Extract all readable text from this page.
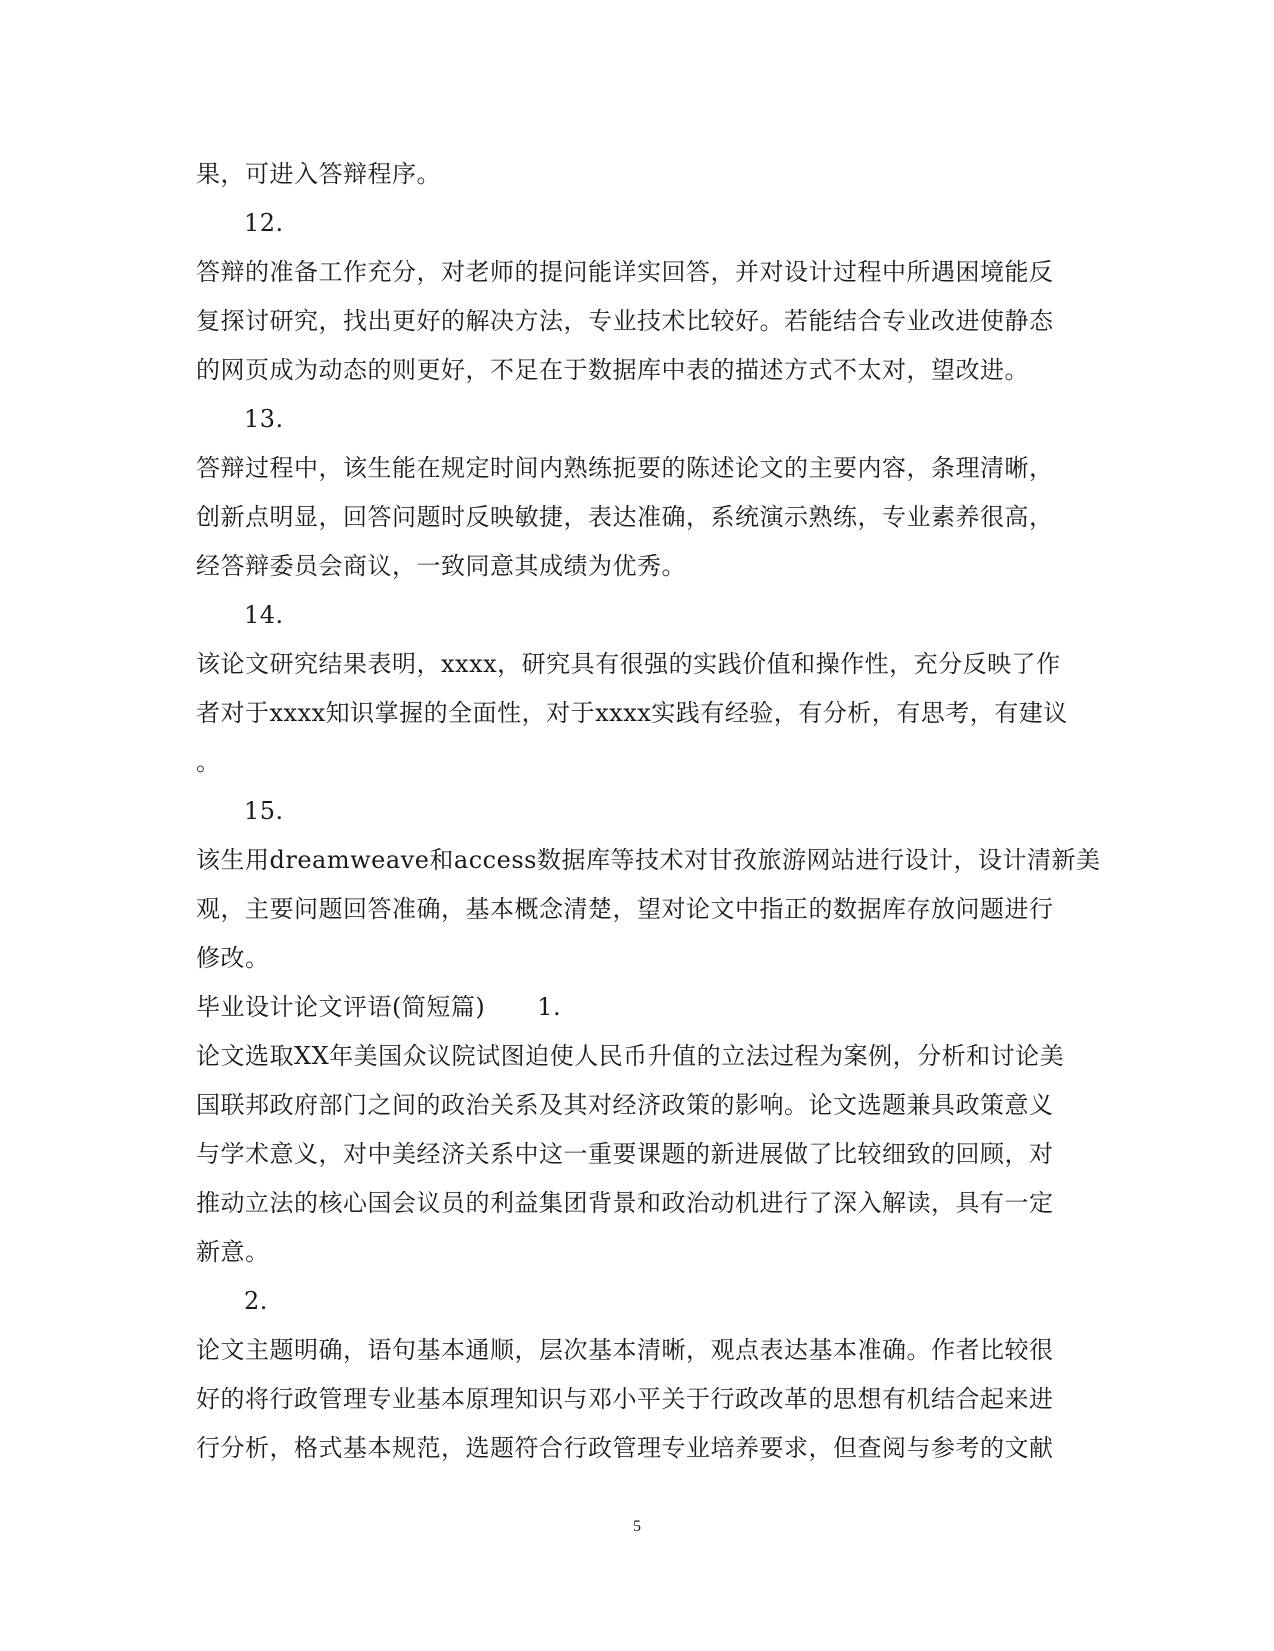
果，可进入答辩程序。
12.
答辩的准备工作充分，对老师的提问能详实回答，并对设计过程中所遇困境能反
复探讨研究，找出更好的解决方法，专业技术比较好。若能结合专业改进使静态
的网页成为动态的则更好，不足在于数据库中表的描述方式不太对，望改进。
13.
答辩过程中，该生能在规定时间内熟练扼要的陈述论文的主要内容，条理清晰，
创新点明显，回答问题时反映敏捷，表达准确，系统演示熟练，专业素养很高，
经答辩委员会商议，一致同意其成绩为优秀。
14.
该论文研究结果表明，xxxx，研究具有很强的实践价值和操作性，充分反映了作
者对于xxxx知识掌握的全面性，对于xxxx实践有经验，有分析，有思考，有建议
。
15.
该生用dreamweave和access数据库等技术对甘孜旅游网站进行设计，设计清新美
观，主要问题回答准确，基本概念清楚，望对论文中指正的数据库存放问题进行
修改。
毕业设计论文评语(简短篇) 1.
论文选取XX年美国众议院试图迫使人民币升值的立法过程为案例，分析和讨论美
国联邦政府部门之间的政治关系及其对经济政策的影响。论文选题兼具政策意义
与学术意义，对中美经济关系中这一重要课题的新进展做了比较细致的回顾，对
推动立法的核心国会议员的利益集团背景和政治动机进行了深入解读，具有一定
新意。
2.
论文主题明确，语句基本通顺，层次基本清晰，观点表达基本准确。作者比较很
好的将行政管理专业基本原理知识与邓小平关于行政改革的思想有机结合起来进
行分析，格式基本规范，选题符合行政管理专业培养要求，但查阅与参考的文献
5
